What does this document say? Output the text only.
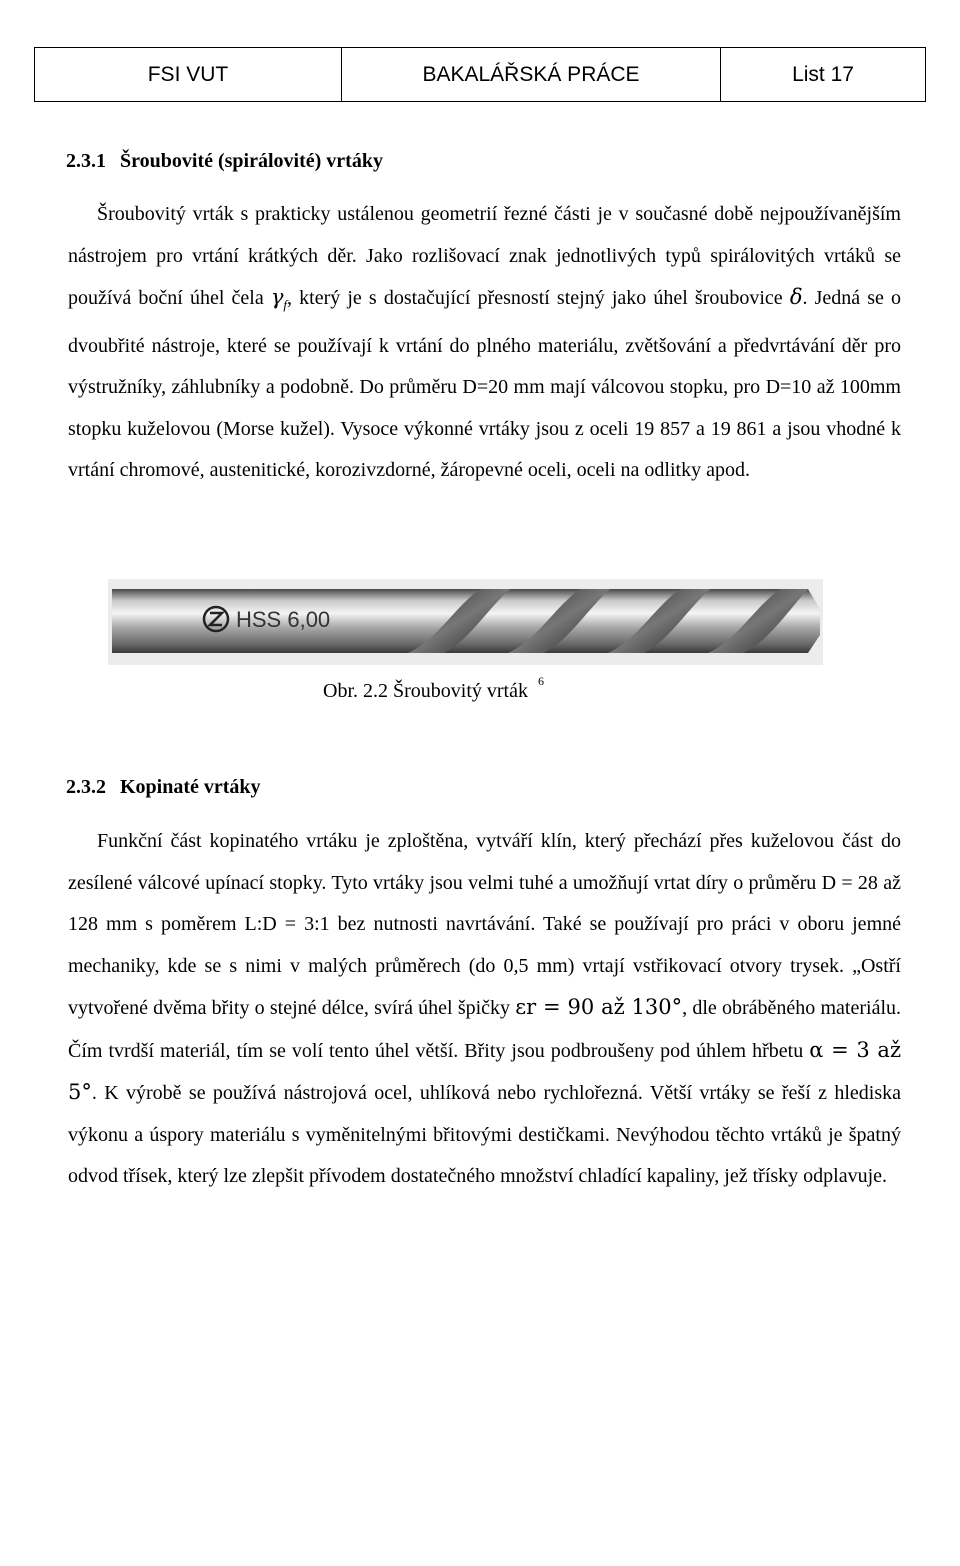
FSI VUT	BAKALÁŘSKÁ PRÁCE	List 17
2.3.1 Šroubovité (spirálovité) vrtáky
Šroubovitý vrták s prakticky ustálenou geometrií řezné části je v současné době nejpoužívanějším nástrojem pro vrtání krátkých děr. Jako rozlišovací znak jednotlivých typů spirálovitých vrtáků se používá boční úhel čela $\gamma_f$, který je s dostačující přesností stejný jako úhel šroubovice δ. Jedná se o dvoubřité nástroje, které se používají k vrtání do plného materiálu, zvětšování a předvrtávání děr pro výstružníky, záhlubníky a podobně. Do průměru D=20 mm mají válcovou stopku, pro D=10 až 100mm stopku kuželovou (Morse kužel). Vysoce výkonné vrtáky jsou z oceli 19 857 a 19 861 a jsou vhodné k vrtání chromové, austenitické, korozivzdorné, žáropevné oceli, oceli na odlitky apod.
HSS 6,00
Obr. 2.2 Šroubovitý vrták $^6$
2.3.2 Kopinaté vrtáky
Funkční část kopinatého vrtáku je zploštěna, vytváří klín, který přechází přes kuželovou část do zesílené válcové upínací stopky. Tyto vrtáky jsou velmi tuhé a umožňují vrtat díry o průměru D = 28 až 128 mm s poměrem L:D = 3:1 bez nutnosti navrtávání. Také se používají pro práci v oboru jemné mechaniky, kde se s nimi v malých průměrech (do 0,5 mm) vrtají vstřikovací otvory trysek. „Ostří vytvořené dvěma břity o stejné délce, svírá úhel špičky εr = 90 až 130°, dle obráběného materiálu. Čím tvrdší materiál, tím se volí tento úhel větší. Břity jsou podbroušeny pod úhlem hřbetu α = 3 až 5°. K výrobě se používá nástrojová ocel, uhlíková nebo rychlořezná. Větší vrtáky se řeší z hlediska výkonu a úspory materiálu s vyměnitelnými břitovými destičkami. Nevýhodou těchto vrtáků je špatný odvod třísek, který lze zlepšit přívodem dostatečného množství chladící kapaliny, jež třísky odplavuje.
